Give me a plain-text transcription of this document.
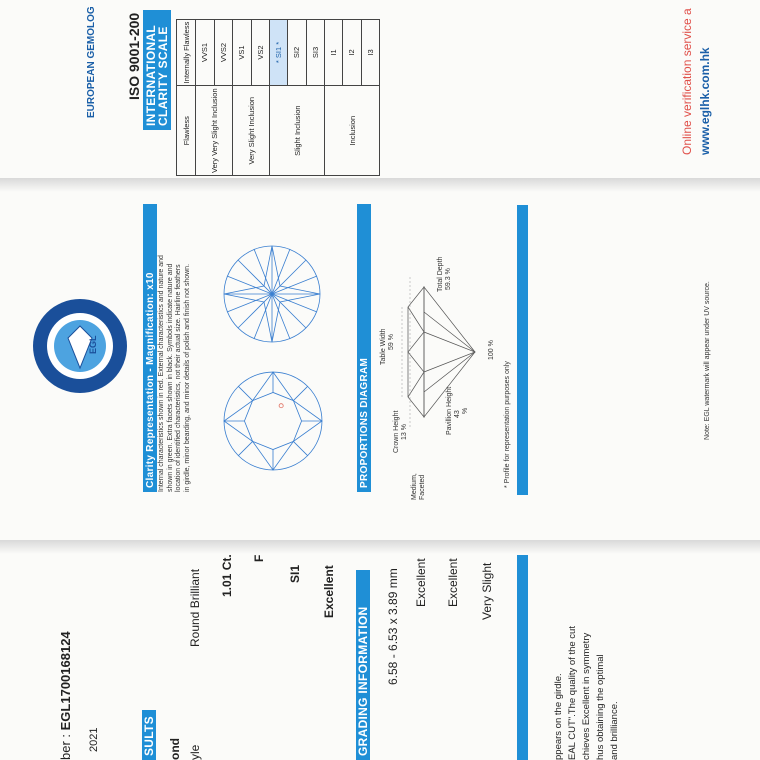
EUROPEAN GEMOLOG	INTERNATIONAL
CLARITY SCALE
ISO 9001-200	Online verification service a www.eglhk.com.hk
Flawless	Internally Flawless
Very Very Slight Inclusion	VVS1
	VVS2
Very Slight Inclusion	VS1
	VS2
Slight Inclusion	* SI1 *
	SI2
	SI3
Inclusion	I1
	I2
	I3
EGL	Clarity Representation - Magnification: x10 Internal characteristics shown in red. External characteristics and nature and shown in green. Extra facets shown in black. Symbols indicate nature and location of identified characteristics, not their actual size. Hairline feathers in girdle, minor bearding, and minor details of polish and finish not shown.	PROPORTIONS DIAGRAM
Table Width 59 %
Crown Height 13 %
Medium, Faceted
Total Depth 59.3 %
Pavillion Height 43 %
100 %
* Profile for representation purposes only	Note: EGL watermark will appear under UV source.
ber : EGL1700168124
2021	SULTS ond yle
Round Brilliant 1.01 Ct. F
SI1 Excellent
GRADING INFORMATION 6.58 - 6.53 x 3.89 mm Excellent Excellent Very Slight
ppears on the girdle. EAL CUT".The quality of the cut chieves Excellent in symmetry hus obtaining the optimal and brilliance.
